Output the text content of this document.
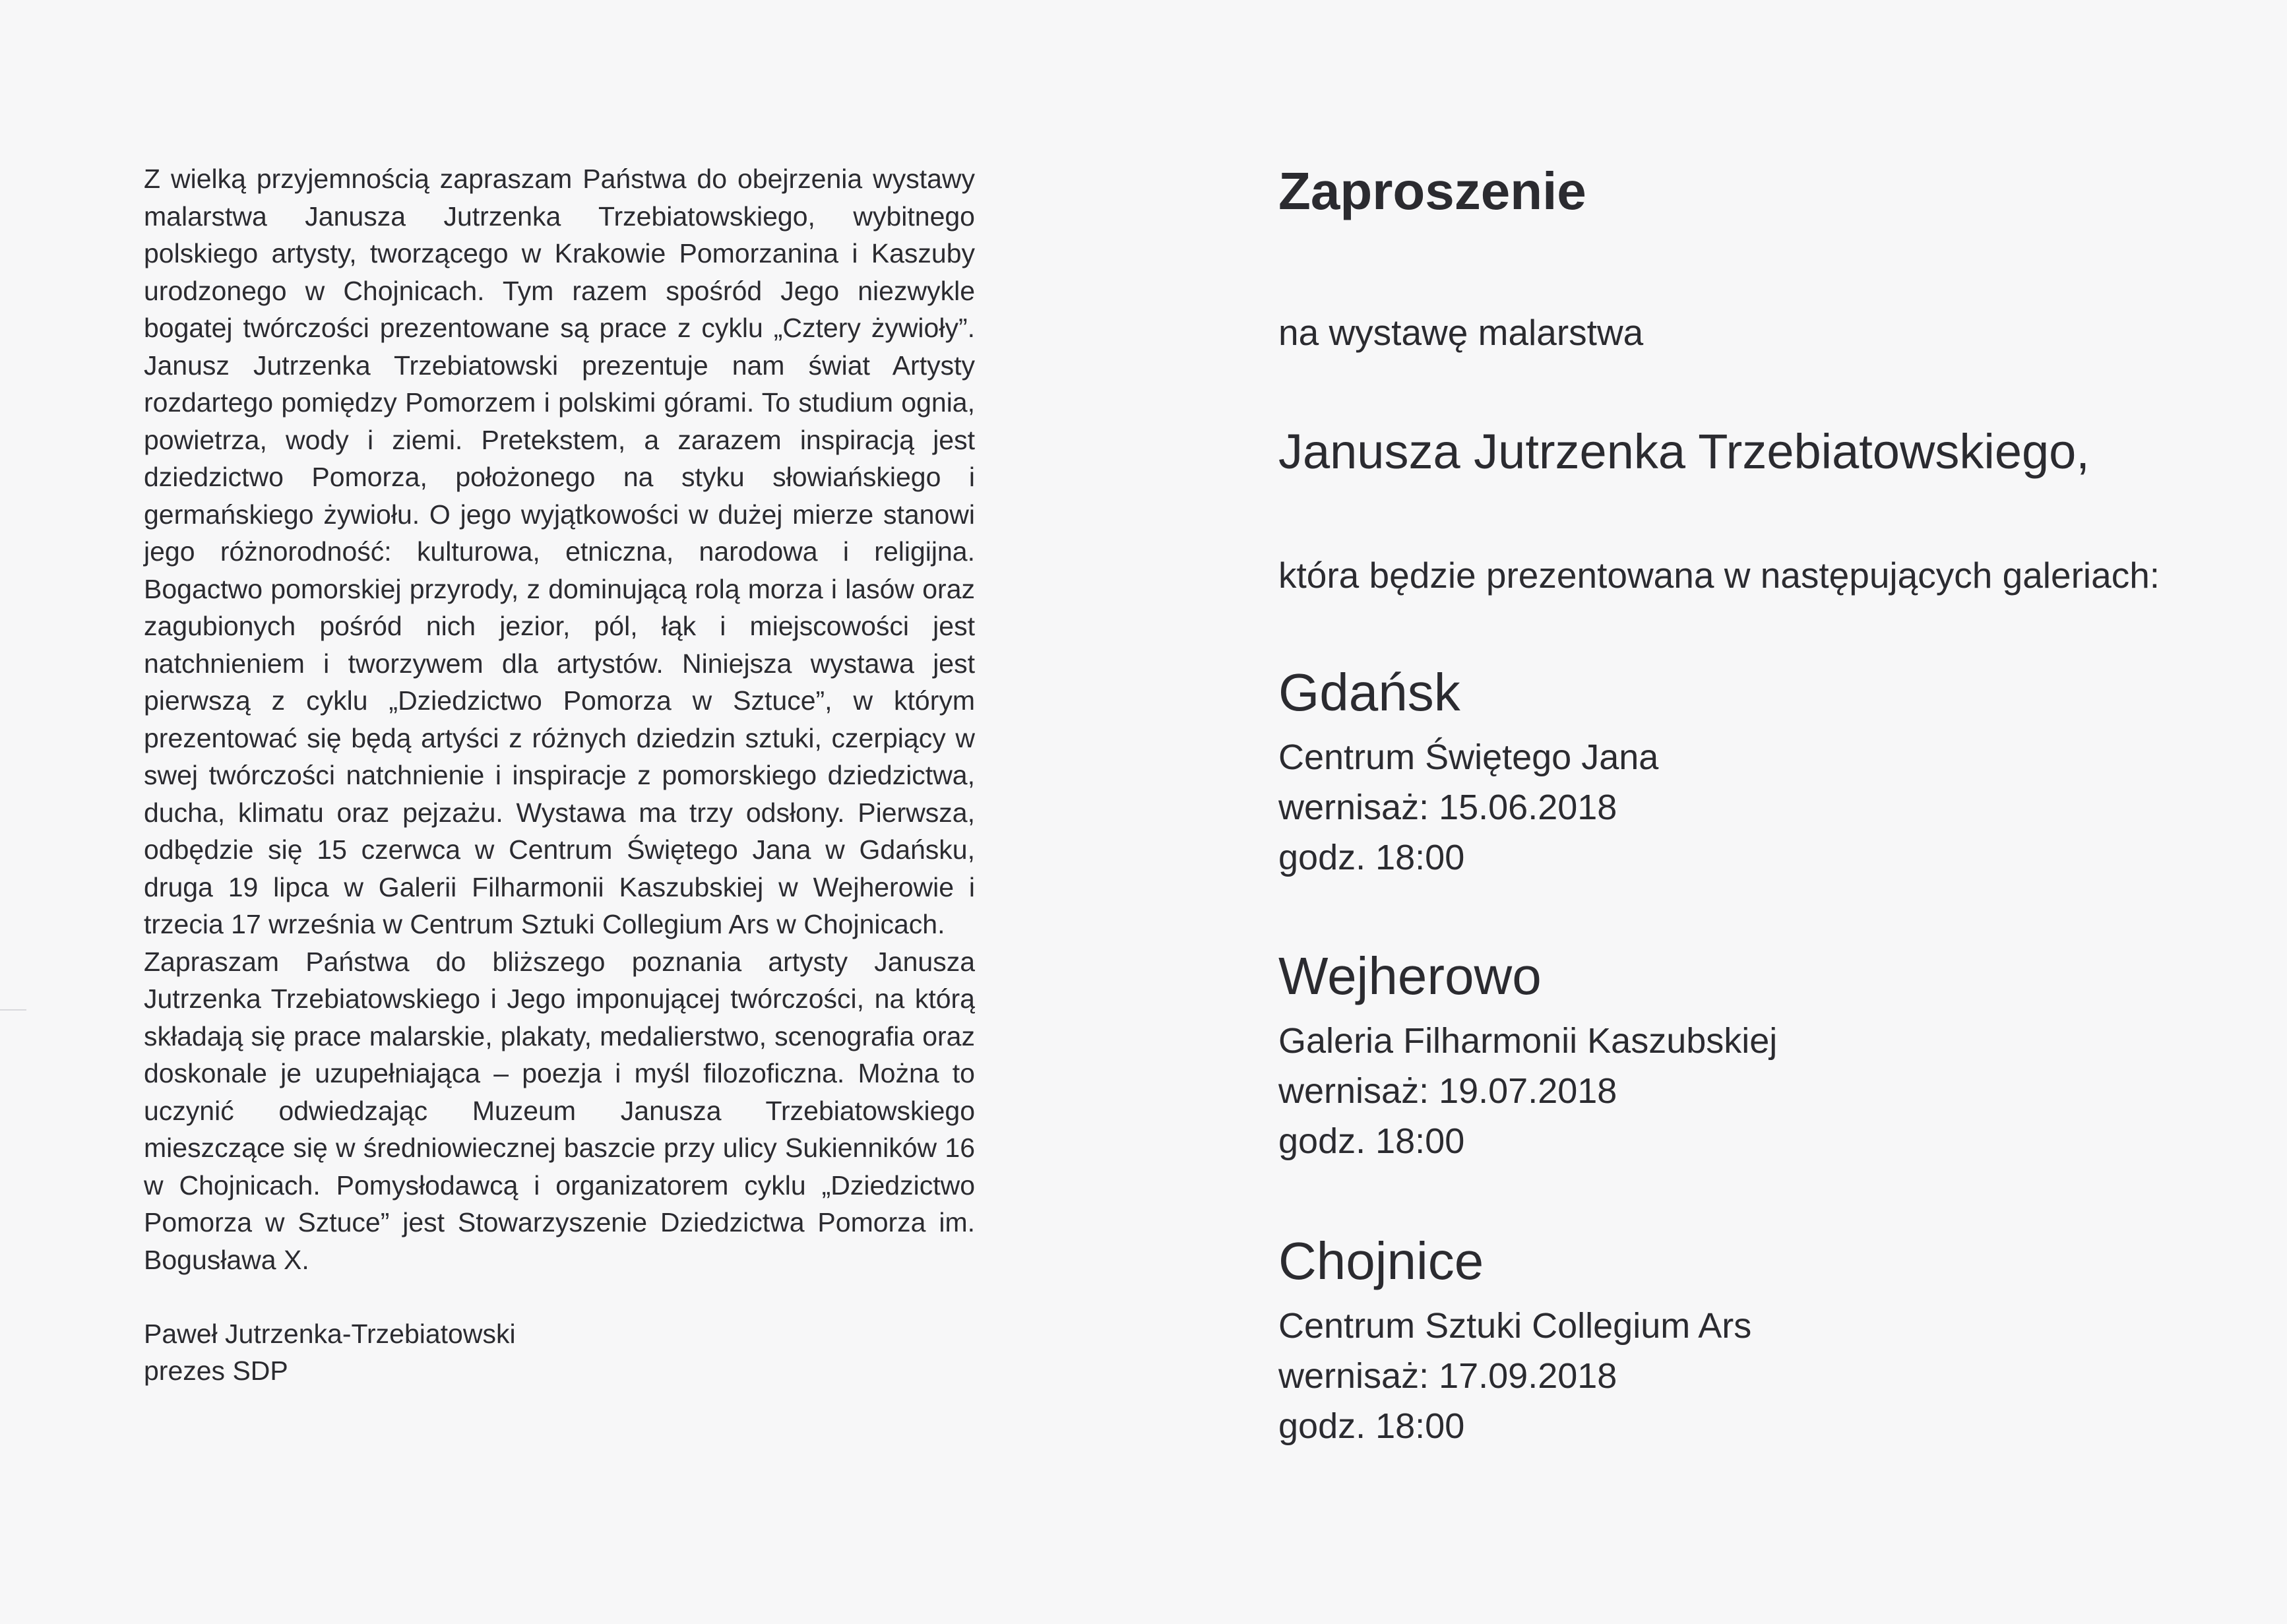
Z wielką przyjemnością zapraszam Państwa do obejrzenia wystawy malarstwa Janusza Jutrzenka Trzebiatowskiego, wybitnego polskiego artysty, tworzącego w Krakowie Pomorzanina i Kaszuby urodzonego w Chojnicach. Tym razem spośród Jego niezwykle bogatej twórczości prezentowane są prace z cyklu „Cztery żywioły”. Janusz Jutrzenka Trzebiatowski prezentuje nam świat Artysty rozdartego pomiędzy Pomorzem i polskimi górami. To studium ognia, powietrza, wody i ziemi. Pretekstem, a zarazem inspiracją jest dziedzictwo Pomorza, położonego na styku słowiańskiego i germańskiego żywiołu. O jego wyjątkowości w dużej mierze stanowi jego różnorodność: kulturowa, etniczna, narodowa i religijna. Bogactwo pomorskiej przyrody, z dominującą rolą morza i lasów oraz zagubionych pośród nich jezior, pól, łąk i miejscowości jest natchnieniem i tworzywem dla artystów. Niniejsza wystawa jest pierwszą z cyklu „Dziedzictwo Pomorza w Sztuce”, w którym prezentować się będą artyści z różnych dziedzin sztuki, czerpiący w swej twórczości natchnienie i inspiracje z pomorskiego dziedzictwa, ducha, klimatu oraz pejzażu. Wystawa ma trzy odsłony. Pierwsza, odbędzie się 15 czerwca w Centrum Świętego Jana w Gdańsku, druga 19 lipca w Galerii Filharmonii Kaszubskiej w Wejherowie i trzecia 17 września w Centrum Sztuki Collegium Ars w Chojnicach.

Zapraszam Państwa do bliższego poznania artysty Janusza Jutrzenka Trzebiatowskiego i Jego imponującej twórczości, na którą składają się prace malarskie, plakaty, medalierstwo, scenografia oraz doskonale je uzupełniająca – poezja i myśl filozoficzna. Można to uczynić odwiedzając Muzeum Janusza Trzebiatowskiego mieszczące się w średniowiecznej baszcie przy ulicy Sukienników 16 w Chojnicach. Pomysłodawcą i organizatorem cyklu „Dziedzictwo Pomorza w Sztuce” jest Stowarzyszenie Dziedzictwa Pomorza im. Bogusława X.

Paweł Jutrzenka-Trzebiatowski
prezes SDP
Zaproszenie
na wystawę malarstwa
Janusza Jutrzenka Trzebiatowskiego,
która będzie prezentowana w następujących galeriach:
Gdańsk
Centrum Świętego Jana
wernisaż: 15.06.2018
godz. 18:00
Wejherowo
Galeria Filharmonii Kaszubskiej
wernisaż: 19.07.2018
godz. 18:00
Chojnice
Centrum Sztuki Collegium Ars
wernisaż: 17.09.2018
godz. 18:00
